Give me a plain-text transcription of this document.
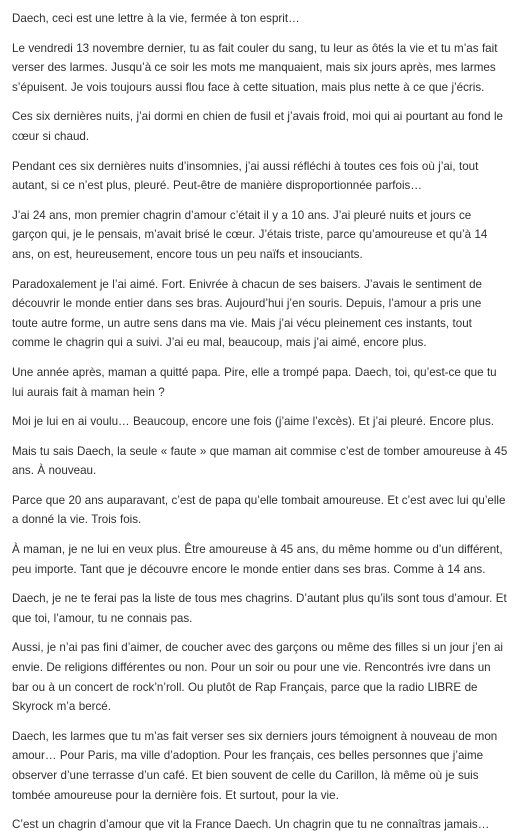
Daech, ceci est une lettre à la vie, fermée à ton esprit…

Le vendredi 13 novembre dernier, tu as fait couler du sang, tu leur as ôtés la vie et tu m’as fait verser des larmes. Jusqu’à ce soir les mots me manquaient, mais six jours après, mes larmes s’épuisent. Je vois toujours aussi flou face à cette situation, mais plus nette à ce que j’écris.

Ces six dernières nuits, j’ai dormi en chien de fusil et j’avais froid, moi qui ai pourtant au fond le cœur si chaud.

Pendant ces six dernières nuits d’insomnies, j’ai aussi réfléchi à toutes ces fois où j’ai, tout autant, si ce n’est plus, pleuré. Peut-être de manière disproportionnée parfois…

J’ai 24 ans, mon premier chagrin d’amour c’était il y a 10 ans. J’ai pleuré nuits et jours ce garçon qui, je le pensais, m’avait brisé le cœur. J’étais triste, parce qu’amoureuse et qu’à 14 ans, on est, heureusement, encore tous un peu naïfs et insouciants.

Paradoxalement je l’ai aimé. Fort. Enivrée à chacun de ses baisers. J’avais le sentiment de découvrir le monde entier dans ses bras. Aujourd’hui j’en souris. Depuis, l’amour a pris une toute autre forme, un autre sens dans ma vie. Mais j’ai vécu pleinement ces instants, tout comme le chagrin qui a suivi. J’ai eu mal, beaucoup, mais j’ai aimé, encore plus.

Une année après, maman a quitté papa. Pire, elle a trompé papa. Daech, toi, qu’est-ce que tu lui aurais fait à maman hein ?

Moi je lui en ai voulu… Beaucoup, encore une fois (j’aime l’excès). Et j’ai pleuré. Encore plus.

Mais tu sais Daech, la seule « faute » que maman ait commise c’est de tomber amoureuse à 45 ans. À nouveau.

Parce que 20 ans auparavant, c’est de papa qu’elle tombait amoureuse. Et c’est avec lui qu’elle a donné la vie. Trois fois.

À maman, je ne lui en veux plus. Être amoureuse à 45 ans, du même homme ou d’un différent, peu importe. Tant que je découvre encore le monde entier dans ses bras. Comme à 14 ans.

Daech, je ne te ferai pas la liste de tous mes chagrins. D’autant plus qu’ils sont tous d’amour. Et que toi, l’amour, tu ne connais pas.

Aussi, je n’ai pas fini d’aimer, de coucher avec des garçons ou même des filles si un jour j’en ai envie. De religions différentes ou non. Pour un soir ou pour une vie. Rencontrés ivre dans un bar ou à un concert de rock’n’roll. Ou plutôt de Rap Français, parce que la radio LIBRE de Skyrock m’a bercé.

Daech, les larmes que tu m’as fait verser ses six derniers jours témoignent à nouveau de mon amour… Pour Paris, ma ville d’adoption. Pour les français, ces belles personnes que j’aime observer d’une terrasse d’un café. Et bien souvent de celle du Carillon, là même où je suis tombée amoureuse pour la dernière fois. Et surtout, pour la vie.

C’est un chagrin d’amour que vit la France Daech. Un chagrin que tu ne connaîtras jamais…
